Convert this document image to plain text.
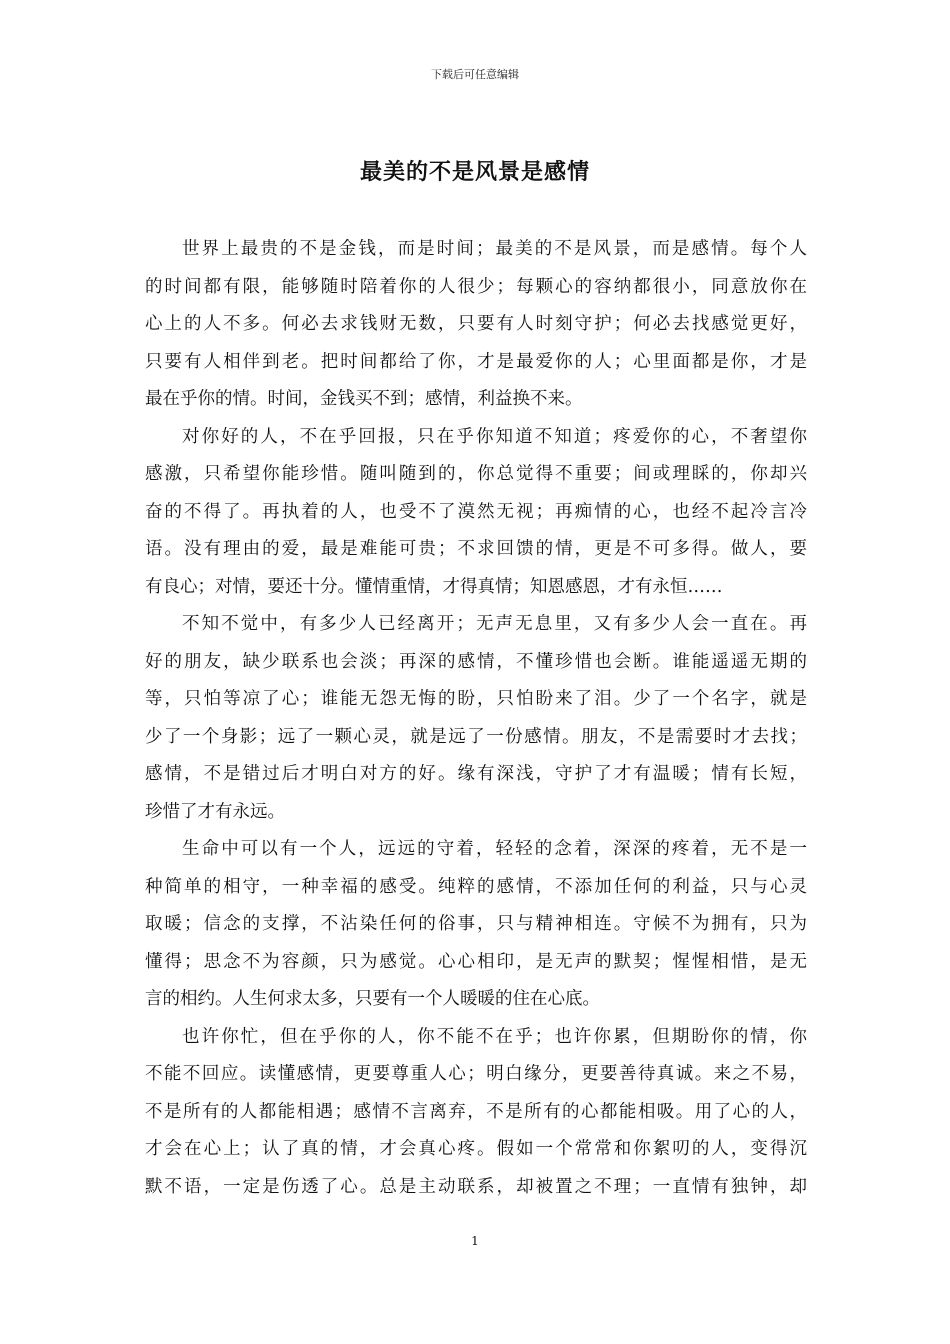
下载后可任意编辑
最美的不是风景是感情
世界上最贵的不是金钱，而是时间；最美的不是风景，而是感情。每个人
的时间都有限，能够随时陪着你的人很少；每颗心的容纳都很小，同意放你在
心上的人不多。何必去求钱财无数，只要有人时刻守护；何必去找感觉更好，
只要有人相伴到老。把时间都给了你，才是最爱你的人；心里面都是你，才是
最在乎你的情。时间，金钱买不到；感情，利益换不来。
对你好的人，不在乎回报，只在乎你知道不知道；疼爱你的心，不奢望你
感激，只希望你能珍惜。随叫随到的，你总觉得不重要；间或理睬的，你却兴
奋的不得了。再执着的人，也受不了漠然无视；再痴情的心，也经不起冷言冷
语。没有理由的爱，最是难能可贵；不求回馈的情，更是不可多得。做人，要
有良心；对情，要还十分。懂情重情，才得真情；知恩感恩，才有永恒……
不知不觉中，有多少人已经离开；无声无息里，又有多少人会一直在。再
好的朋友，缺少联系也会淡；再深的感情，不懂珍惜也会断。谁能遥遥无期的
等，只怕等凉了心；谁能无怨无悔的盼，只怕盼来了泪。少了一个名字，就是
少了一个身影；远了一颗心灵，就是远了一份感情。朋友，不是需要时才去找；
感情，不是错过后才明白对方的好。缘有深浅，守护了才有温暖；情有长短，
珍惜了才有永远。
生命中可以有一个人，远远的守着，轻轻的念着，深深的疼着，无不是一
种简单的相守，一种幸福的感受。纯粹的感情，不添加任何的利益，只与心灵
取暖；信念的支撑，不沾染任何的俗事，只与精神相连。守候不为拥有，只为
懂得；思念不为容颜，只为感觉。心心相印，是无声的默契；惺惺相惜，是无
言的相约。人生何求太多，只要有一个人暖暖的住在心底。
也许你忙，但在乎你的人，你不能不在乎；也许你累，但期盼你的情，你
不能不回应。读懂感情，更要尊重人心；明白缘分，更要善待真诚。来之不易，
不是所有的人都能相遇；感情不言离弃，不是所有的心都能相吸。用了心的人，
才会在心上；认了真的情，才会真心疼。假如一个常常和你絮叨的人，变得沉
默不语，一定是伤透了心。总是主动联系，却被置之不理；一直情有独钟，却
1
